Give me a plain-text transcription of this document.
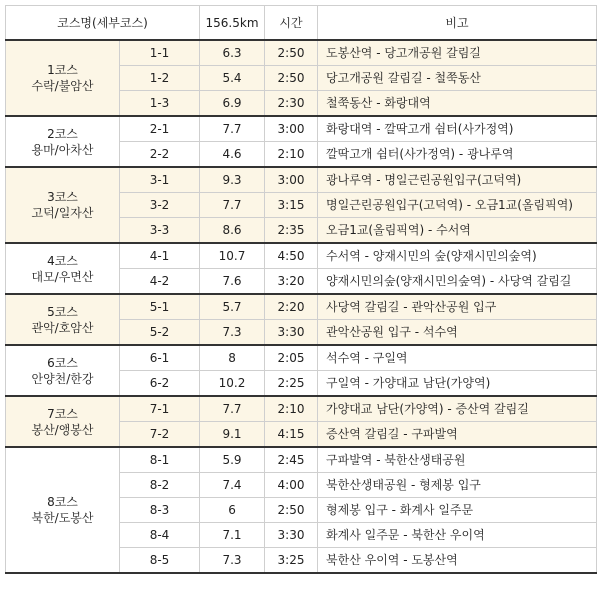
코스명(세부코스)		156.5km	시간	비고

1코스
수락/불암산	1-1	6.3	2:50	도봉산역 - 당고개공원 갈림길
	1-2	5.4	2:50	당고개공원 갈림길 - 철쭉동산
	1-3	6.9	2:30	철쭉동산 - 화랑대역

2코스
용마/아차산	2-1	7.7	3:00	화랑대역 - 깔딱고개 쉼터(사가정역)
	2-2	4.6	2:10	깔딱고개 쉼터(사가정역) - 광나루역

3코스
고덕/일자산	3-1	9.3	3:00	광나루역 - 명일근린공원입구(고덕역)
	3-2	7.7	3:15	명일근린공원입구(고덕역) - 오금1교(올림픽역)
	3-3	8.6	2:35	오금1교(올림픽역) - 수서역

4코스
대모/우면산	4-1	10.7	4:50	수서역 - 양재시민의 숲(양재시민의숲역)
	4-2	7.6	3:20	양재시민의숲(양재시민의숲역) - 사당역 갈림길

5코스
관악/호암산	5-1	5.7	2:20	사당역 갈림길 - 관악산공원 입구
	5-2	7.3	3:30	관악산공원 입구 - 석수역

6코스
안양천/한강	6-1	8	2:05	석수역 - 구일역
	6-2	10.2	2:25	구일역 - 가양대교 남단(가양역)

7코스
봉산/앵봉산	7-1	7.7	2:10	가양대교 남단(가양역) - 증산역 갈림길
	7-2	9.1	4:15	증산역 갈림길 - 구파발역

8코스
북한/도봉산	8-1	5.9	2:45	구파발역 - 북한산생태공원
	8-2	7.4	4:00	북한산생태공원 - 형제봉 입구
	8-3	6	2:50	형제봉 입구 - 화계사 일주문
	8-4	7.1	3:30	화계사 일주문 - 북한산 우이역
	8-5	7.3	3:25	북한산 우이역 - 도봉산역
